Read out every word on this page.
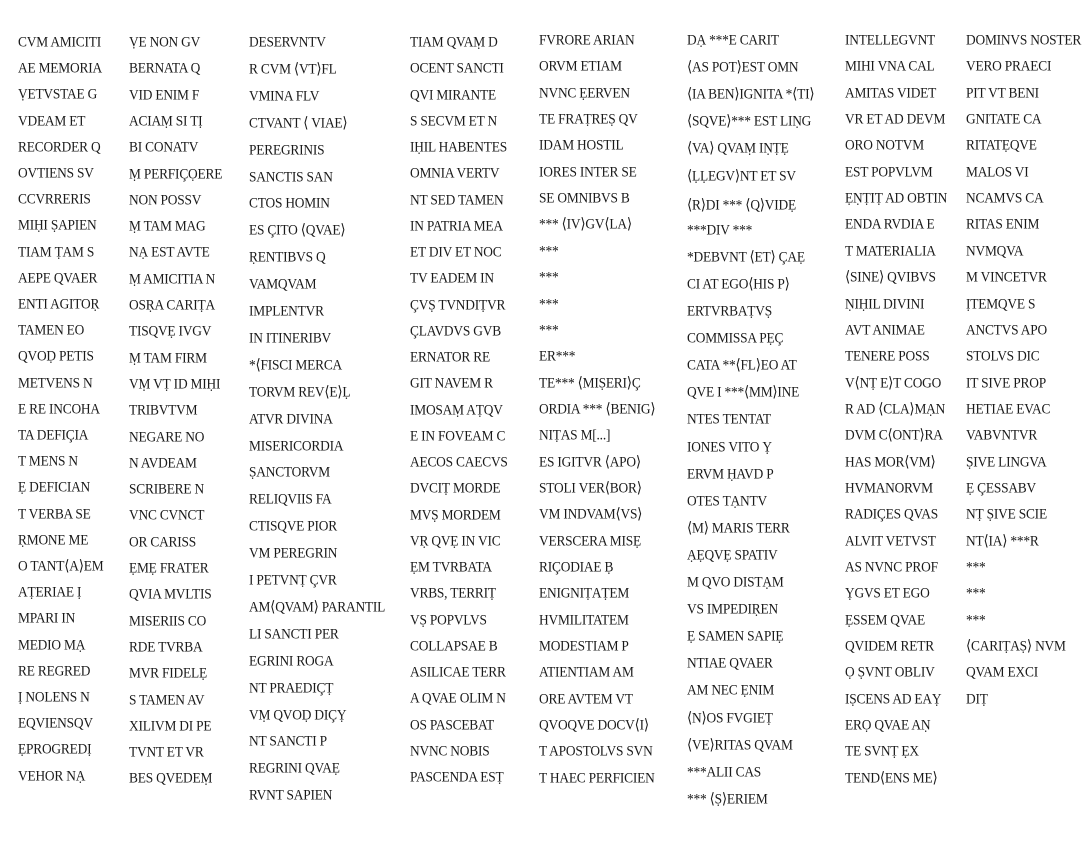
CVM AMICITI
AE MEMORIA
ṾETVSTAE G
VDEAM ET
RECORDER Q
OVTIENS SV
CCVRRERIS
MIḤI ṢAPIEN
TIAM ṬAM S
AEPE QVAER
ENTI AGITOṚ
TAMEN EO
QVOḌ PETIS
METVENS N
E RE INCOHA
TA DEFIÇIA
T MENS N
Ẹ DEFICIAN
T VERBA SE
ṚMONE ME
O TANT⟨A⟩EM
AṬERIAE Ị
MPARI IN
MEDIO MẠ
RE REGRED
Ị NOLENS N
EQVIENSQV
ẸPROGREDỊ
VEHOR NẠ
ṾE NON GV
BERNATA Q
VID ENIM F
ACIAṂ SI TỊ
BI CONATV
Ṃ PERFIÇỌERE
NON POSSV
Ṃ TAM MAG
NẠ EST AVTE
Ṃ AMICITIA N
OSṚA CARIṬA
TISQVẸ IVGV
Ṃ TAM FIRM
VṂ VṬ ID MIḤI
TRIBVTVM
NEGARE NO
N AVDEAM
SCRIBERE N
VNC CVNCT
OR CARISS
ẸMẸ FRATER
QVIA MVLTIS
MISERIIS CO
RDE TVRBA
MVR FIDELẸ
S TAMEN AV
XILIVM DI PE
TVNT ET VR
BES QVEDEṂ
DESERVNTV
R CVM ⟨VT⟩FL
VMINA FLV
CTVANT ⟨ VIAE⟩
PEREGRINIS
SANCTIS SAN
CTOS HOMIN
ES ÇITO ⟨QVAE⟩
ṚENTIBVS Q
VAMQVAM
IMPLENTVR
IN ITINERIBV
*⟨FISCI MERCA
TORVM REV⟨E⟩Ḷ
ATVR DIVINA
MISERICORDIA
ṢANCTORVM
RELIQVIIS FA
CTISQVE PIOR
VM PEREGRIN
I PETVNṬ ÇVR
AM⟨QVAM⟩ PARANTIL
LI SANCTI PER
EGRINI ROGA
NT PRAEDIÇṬ
VṂ QVOḌ DIÇỴ
NT SANCTI P
REGRINI QVAẸ
RVNT SAPIEN
TIAM QVAṂ D
OCENT SANCTI
QVI MIRANTE
S SECVM ET N
IḤIL HABENTES
OMNIA VERTV
NT SED TAMEN
IN PATRIA MEA
ET DIV ET NOC
TV EADEM IN
ÇVṢ TVNDIṬVR
ÇLAVDVS GVB
ERNATOR RE
GIT NAVEM R
IMOSAṂ AṬQV
E IN FOVEAM C
AECOS CAECVS
DVCIṬ MORDE
MVṢ MORDEM
VṚ QVẸ IN VIC
ẸM TVRBATA
VRBS, TERRIṬ
VṢ POPVLVS
COLLAPSAE B
ASILICAE TERR
A QVAE OLIM N
OS PASCEBAT
NVNC NOBIS
PASCENDA ESṬ
FVRORE ARIAN
ORVM ETIAM
NVNC ẸERVEN
TE FRAṬREṢ QV
IDAM HOSTIL
IORES INTER SE
SE OMNIBVS B
*** ⟨IV⟩GV⟨LA⟩
***
***
***
***
ER***
TE*** ⟨MIṢERI⟩Ç
ORDIA *** ⟨BENIG⟩
NIṬAS M[...]
ES IGITVR ⟨APO⟩
STOLI VER⟨BOR⟩
VM INDVAM⟨VS⟩
VERSCERA MISẸ
RIÇODIAE Ḅ
ENIGNIṬAṬEM
HVMILITATEM
MODESTIAM P
ATIENTIAM AM
ORE AVTEM VT
QVOQVE DOCV⟨I⟩
T APOSTOLVS SVN
T HAEC PERFICIEN
DẠ ***E CARIT
⟨AS POT⟩EST OMN
⟨IA BEN⟩IGNITA *⟨TI⟩
⟨SQVE⟩*** EST LIṆG
⟨VA⟩ QVAṂ IṆṬẸ
⟨ḶḶEGV⟩NT ET SV
⟨R⟩DI *** ⟨Q⟩VIDẸ
***DIV ***
*DEBVNT ⟨ET⟩ ÇAẸ
CI AT EGO⟨HIS P⟩
ERTVRBAṬVṢ
COMMISSA PẸÇ
CATA **⟨FL⟩EO AT
QVE I ***⟨MM⟩INE
NTES TENTAT
IONES VITO Ỵ
ERVM ḤAVD P
OTES TẠNTV
⟨M⟩ MARIS TERR
ẠẸQVẸ SPATIV
M QVO DISTẠM
VS IMPEDIṚEN
Ẹ SAMEN SAPIẸ
NTIAE QVAER
AM NEC ẸNIM
⟨N⟩OS FVGIEṬ
⟨VE⟩RITAS QVAM
***ALII CAS
*** ⟨Ṣ⟩ERIEM
INTELLEGVNT
MIHI VNA CAL
AMITAS VIDET
VR ET AD DEVM
ORO NOTVM
EST POPVLVM
ẸṆṬIṬ AD OBTIN
ENDA RVDIA E
T MATERIALIA
⟨SINE⟩ QVIBVS
ṆIḤIL DIVINI
AVT ANIMAE
TENERE POSS
V⟨NṬ E⟩T COGO
R AD ⟨CLA⟩MẠN
DVM C⟨ONT⟩RA
HAS MOR⟨VM⟩
HVMANORVM
RADIÇES QVAS
ALVIT VETVST
AS NVNC PROF
ỴGVS ET EGO
ẸSSEM QVAE
QVIDEM RETR
Ọ ṢVNT OBLIV
IṢCENS AD EAỴ
ERỌ QVAE AṆ
TE SVNṬ ẸX
TEND⟨ENS ME⟩
DOMINVS NOSTER
VERO PRAECI
PIT VT BENI
GNITATE CA
RITATẸQVE
MALOS VI
NCAMVS CA
RITAS ENIM
NVMQVA
M VINCETVR
ỊTEMQVE S
ANCTVS APO
STOLVS DIC
IT SIVE PROP
HETIAE EVAC
VABVNTVR
ṢIVE LINGVA
Ẹ ÇESSABV
NṬ ṢIVE SCIE
NT⟨IA⟩ ***R
***
***
***
⟨CARIṬAṢ⟩ NVM
QVAM EXCI
DIṬ
